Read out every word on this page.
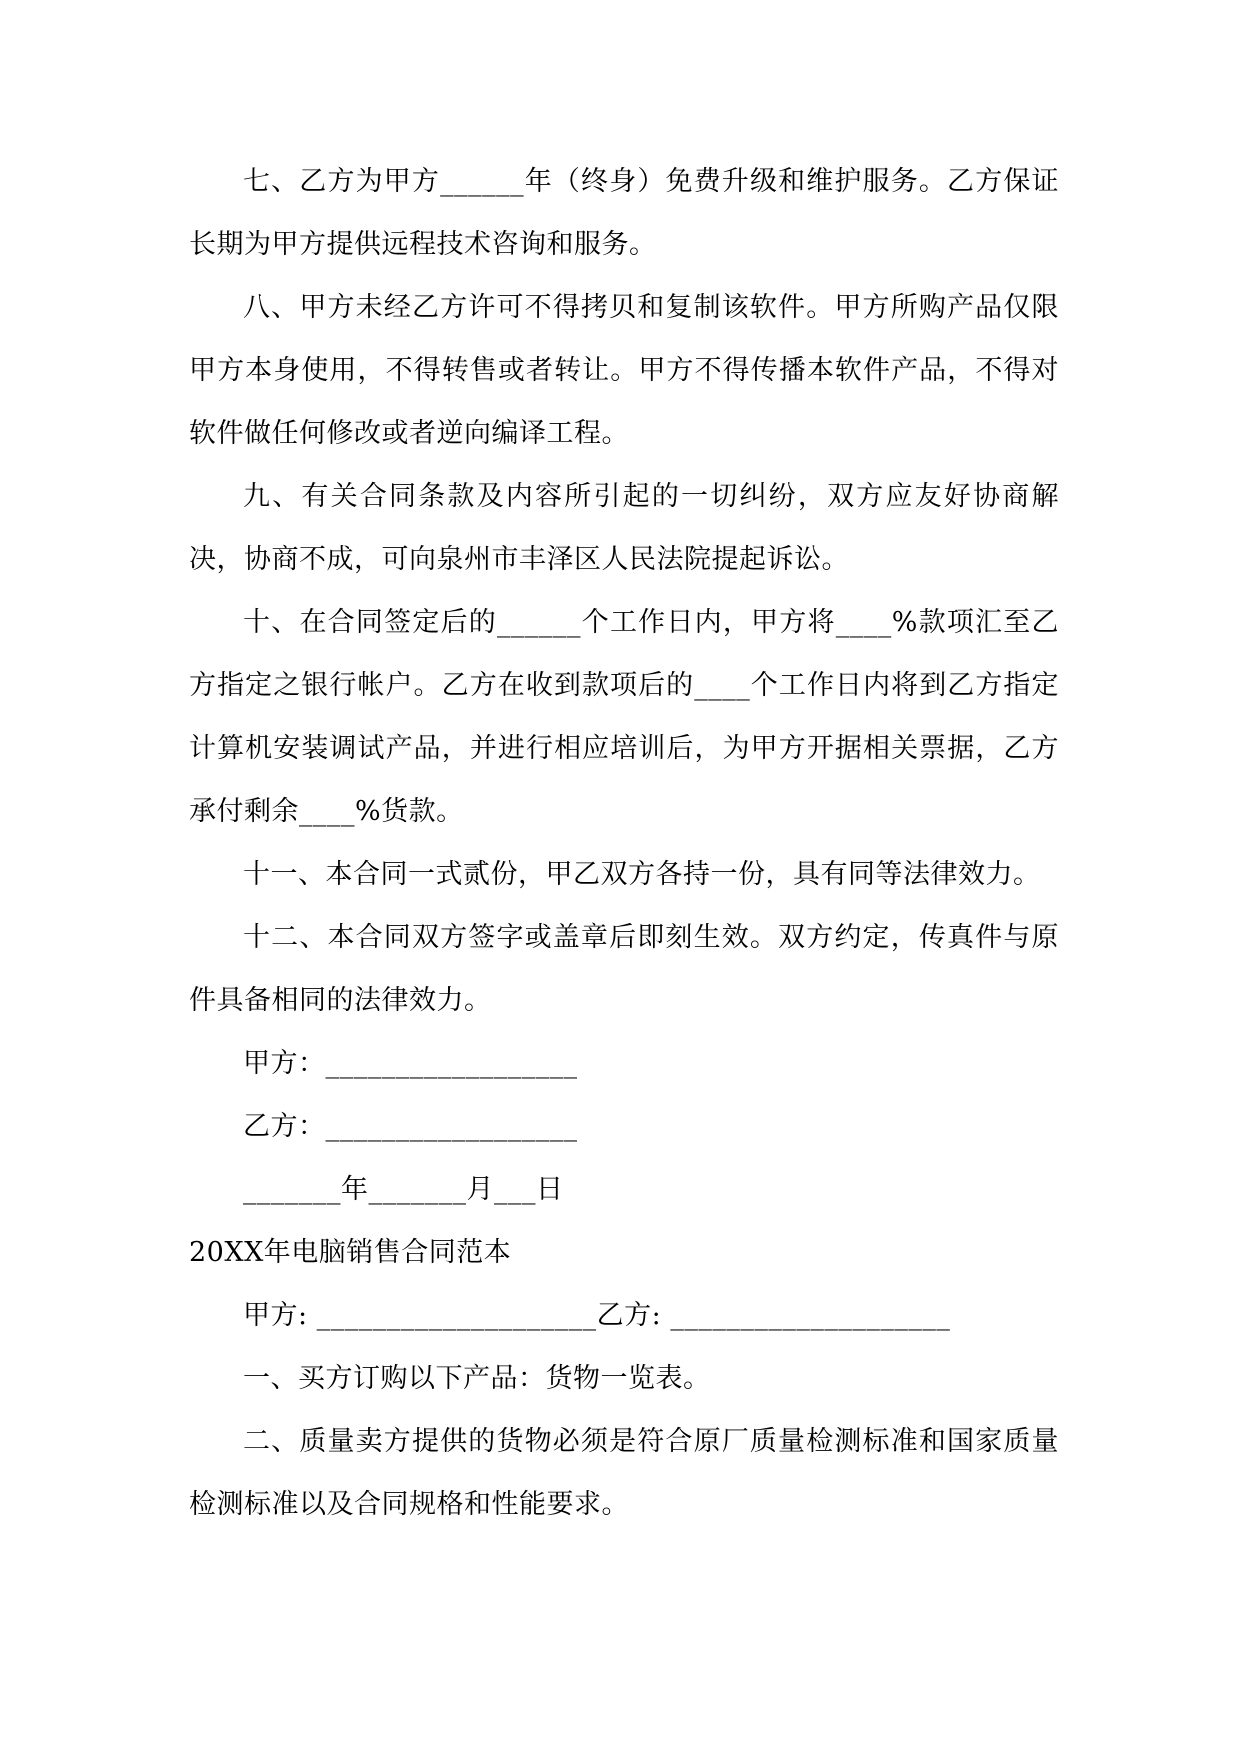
七、乙方为甲方______年（终身）免费升级和维护服务。乙方保证长期为甲方提供远程技术咨询和服务。

八、甲方未经乙方许可不得拷贝和复制该软件。甲方所购产品仅限甲方本身使用，不得转售或者转让。甲方不得传播本软件产品，不得对软件做任何修改或者逆向编译工程。

九、有关合同条款及内容所引起的一切纠纷，双方应友好协商解决，协商不成，可向泉州市丰泽区人民法院提起诉讼。

十、在合同签定后的______个工作日内，甲方将____%款项汇至乙方指定之银行帐户。乙方在收到款项后的____个工作日内将到乙方指定计算机安装调试产品，并进行相应培训后，为甲方开据相关票据，乙方承付剩余____%货款。

十一、本合同一式贰份，甲乙双方各持一份，具有同等法律效力。

十二、本合同双方签字或盖章后即刻生效。双方约定，传真件与原件具备相同的法律效力。

甲方：__________________

乙方：__________________

_______年_______月___日

20XX年电脑销售合同范本

甲方: ____________________乙方: ____________________

一、买方订购以下产品：货物一览表。

二、质量卖方提供的货物必须是符合原厂质量检测标准和国家质量检测标准以及合同规格和性能要求。
